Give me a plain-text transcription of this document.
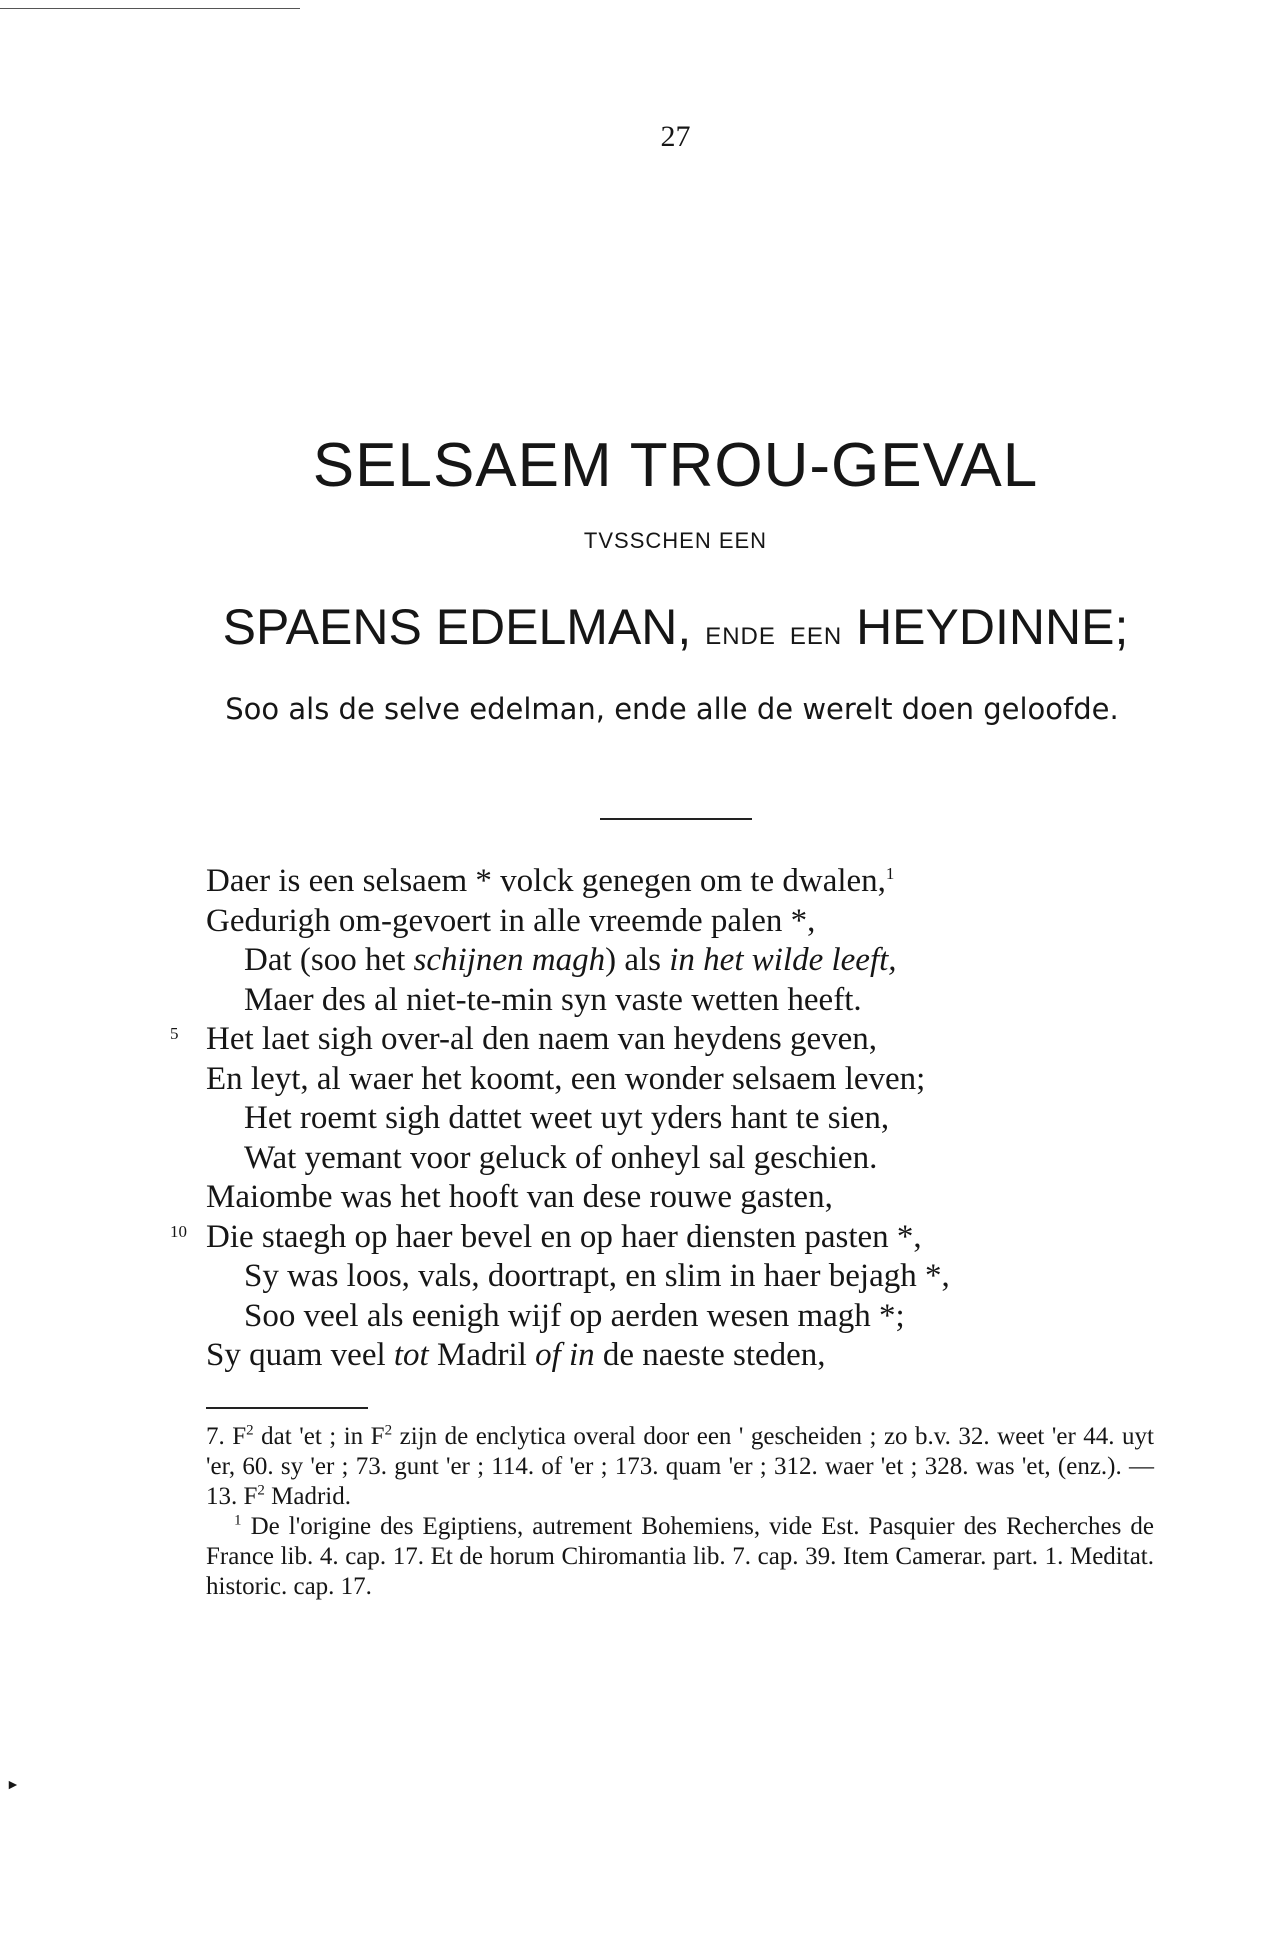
27
SELSAEM TROU-GEVAL
TVSSCHEN EEN
SPAENS EDELMAN, ENDE EEN HEYDINNE;
Soo als de selve edelman, ende alle de werelt doen geloofde.
Daer is een selsaem * volck genegen om te dwalen,$^1$
Gedurigh om-gevoert in alle vreemde palen *,
Dat (soo het schijnen magh) als in het wilde leeft,
Maer des al niet-te-min syn vaste wetten heeft.
5 Het laet sigh over-al den naem van heydens geven,
En leyt, al waer het koomt, een wonder selsaem leven;
Het roemt sigh dattet weet uyt yders hant te sien,
Wat yemant voor geluck of onheyl sal geschien.
Maiombe was het hooft van dese rouwe gasten,
10 Die staegh op haer bevel en op haer diensten pasten *,
Sy was loos, vals, doortrapt, en slim in haer bejagh *,
Soo veel als eenigh wijf op aerden wesen magh *;
Sy quam veel tot Madril of in de naeste steden,

7. $F^2$ dat 'et ; in $F^2$ zijn de enclytica overal door een ' gescheiden ; zo b.v. 32. weet 'er 44. uyt 'er, 60. sy 'er ; 73. gunt 'er ; 114. of 'er ; 173. quam 'er ; 312. waer 'et ; 328. was 'et, (enz.). — 13. $F^2$ Madrid.

$^1$ De l'origine des Egiptiens, autrement Bohemiens, vide Est. Pasquier des Recherches de France lib. 4. cap. 17. Et de horum Chiromantia lib. 7. cap. 39. Item Camerar. part. 1. Meditat. historic. cap. 17.

►
